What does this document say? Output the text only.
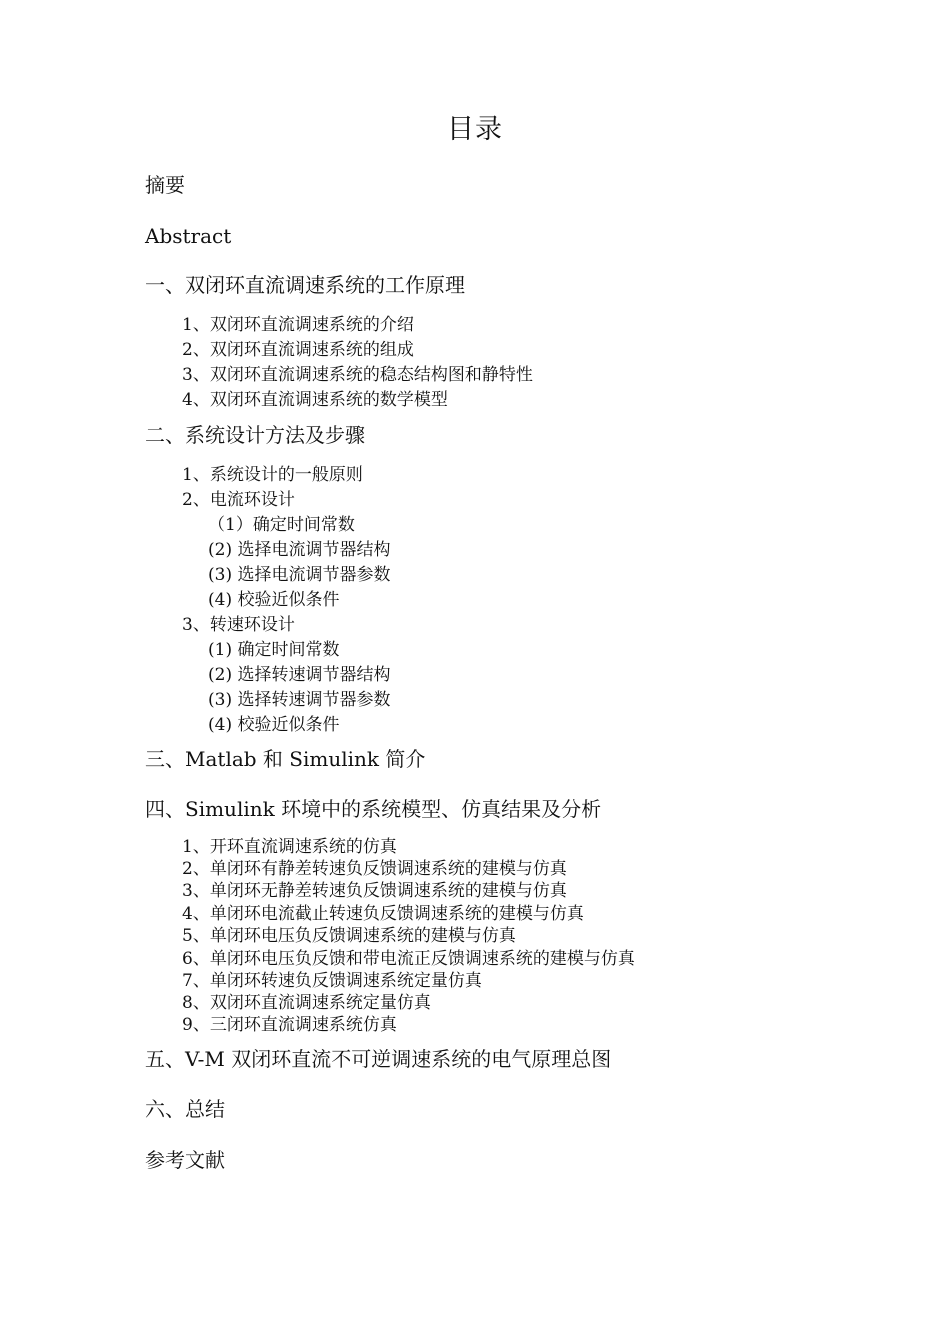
目录
摘要
Abstract
一、双闭环直流调速系统的工作原理
1、双闭环直流调速系统的介绍
2、双闭环直流调速系统的组成
3、双闭环直流调速系统的稳态结构图和静特性
4、双闭环直流调速系统的数学模型
二、系统设计方法及步骤
1、系统设计的一般原则
2、电流环设计
（1）确定时间常数
(2) 选择电流调节器结构
(3) 选择电流调节器参数
(4) 校验近似条件
3、转速环设计
(1) 确定时间常数
(2) 选择转速调节器结构
(3) 选择转速调节器参数
(4) 校验近似条件
三、Matlab 和 Simulink 简介
四、Simulink 环境中的系统模型、仿真结果及分析
1、开环直流调速系统的仿真
2、单闭环有静差转速负反馈调速系统的建模与仿真
3、单闭环无静差转速负反馈调速系统的建模与仿真
4、单闭环电流截止转速负反馈调速系统的建模与仿真
5、单闭环电压负反馈调速系统的建模与仿真
6、单闭环电压负反馈和带电流正反馈调速系统的建模与仿真
7、单闭环转速负反馈调速系统定量仿真
8、双闭环直流调速系统定量仿真
9、三闭环直流调速系统仿真
五、V-M 双闭环直流不可逆调速系统的电气原理总图
六、总结
参考文献
